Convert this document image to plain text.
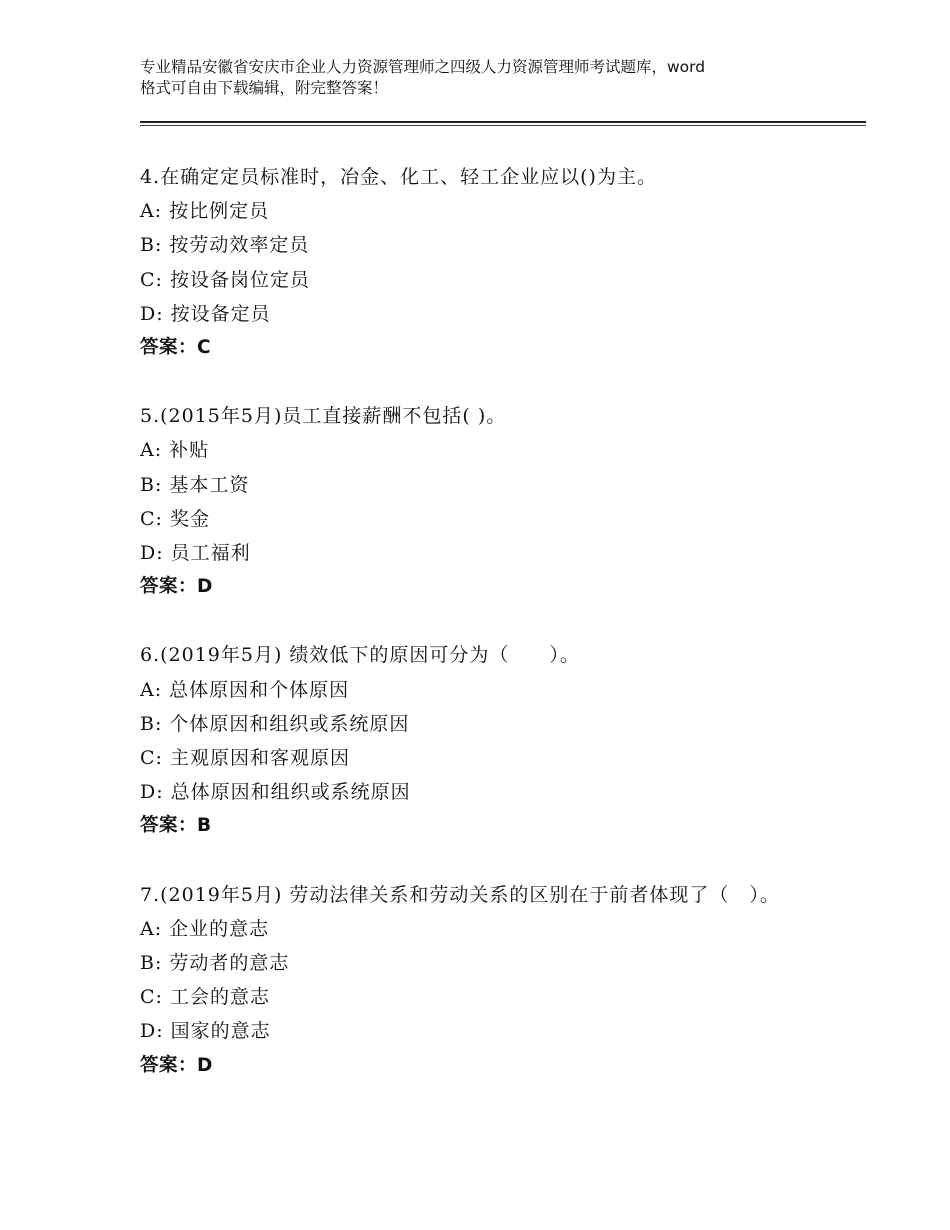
专业精品安徽省安庆市企业人力资源管理师之四级人力资源管理师考试题库，word
格式可自由下载编辑，附完整答案！
4.在确定定员标准时，冶金、化工、轻工企业应以()为主。
A: 按比例定员
B: 按劳动效率定员
C: 按设备岗位定员
D: 按设备定员
答案：C
5.(2015年5月)员工直接薪酬不包括( )。
A: 补贴
B: 基本工资
C: 奖金
D: 员工福利
答案：D
6.(2019年5月) 绩效低下的原因可分为（　　）。
A: 总体原因和个体原因
B: 个体原因和组织或系统原因
C: 主观原因和客观原因
D: 总体原因和组织或系统原因
答案：B
7.(2019年5月) 劳动法律关系和劳动关系的区别在于前者体现了（　）。
A: 企业的意志
B: 劳动者的意志
C: 工会的意志
D: 国家的意志
答案：D
